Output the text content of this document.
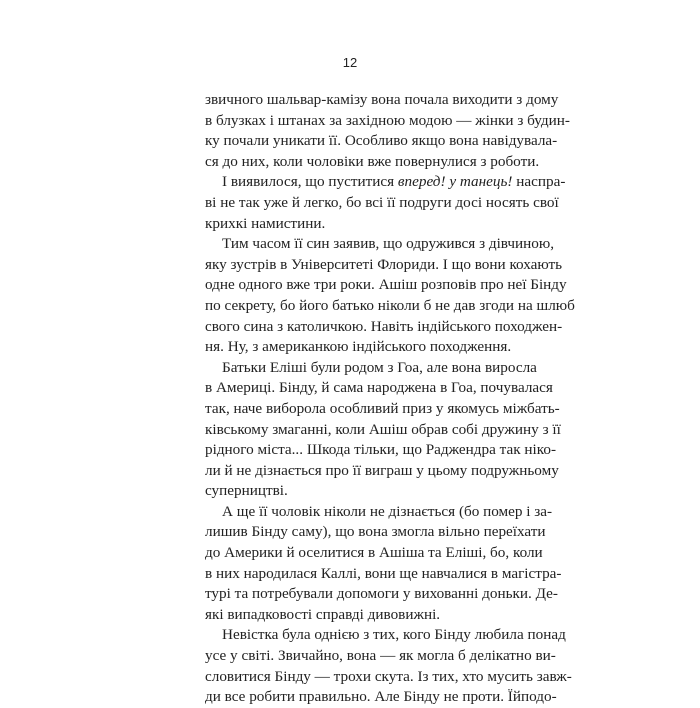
12
звичного шальвар-камізу вона почала виходити з дому
в блузках і штанах за західною модою — жінки з будин-
ку почали уникати її. Особливо якщо вона навідувала-
ся до них, коли чоловіки вже повернулися з роботи.
І виявилося, що пуститися вперед! у танець! наспра-
ві не так уже й легко, бо всі її подруги досі носять свої
крихкі намистини.
Тим часом її син заявив, що одружився з дівчиною,
яку зустрів в Університеті Флориди. І що вони кохають
одне одного вже три роки. Ашіш розповів про неї Бінду
по секрету, бо його батько ніколи б не дав згоди на шлюб
свого сина з католичкою. Навіть індійського походжен-
ня. Ну, з американкою індійського походження.
Батьки Еліші були родом з Гоа, але вона виросла
в Америці. Бінду, й сама народжена в Гоа, почувалася
так, наче виборола особливий приз у якомусь міжбать-
ківському змаганні, коли Ашіш обрав собі дружину з її
рідного міста... Шкода тільки, що Раджендра так ніко-
ли й не дізнається про її виграш у цьому подружньому
суперництві.
А ще її чоловік ніколи не дізнається (бо помер і за-
лишив Бінду саму), що вона змогла вільно переїхати
до Америки й оселитися в Ашіша та Еліші, бо, коли
в них народилася Каллі, вони ще навчалися в магістра-
турі та потребували допомоги у вихованні доньки. Де-
які випадковості справді дивовижні.
Невістка була однією з тих, кого Бінду любила понад
усе у світі. Звичайно, вона — як могла б делікатно ви-
словитися Бінду — трохи скута. Із тих, хто мусить завж-
ди все робити правильно. Але Бінду не проти. Їйподо-
